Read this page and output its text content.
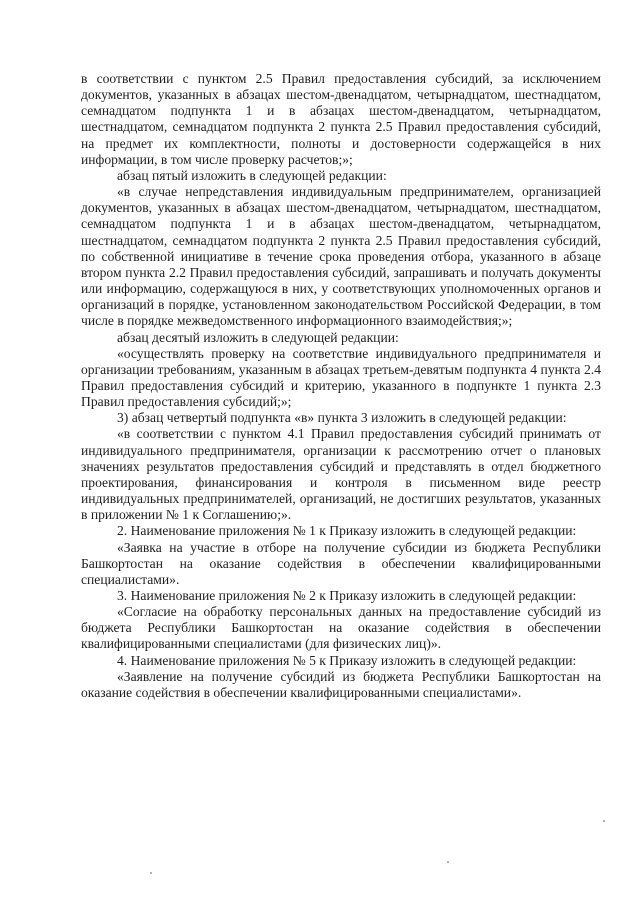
в соответствии с пунктом 2.5 Правил предоставления субсидий, за исключением документов, указанных в абзацах шестом-двенадцатом, четырнадцатом, шестнадцатом, семнадцатом подпункта 1 и в абзацах шестом-двенадцатом, четырнадцатом, шестнадцатом, семнадцатом подпункта 2 пункта 2.5 Правил предоставления субсидий, на предмет их комплектности, полноты и достоверности содержащейся в них информации, в том числе проверку расчетов;»;

абзац пятый изложить в следующей редакции:

«в случае непредставления индивидуальным предпринимателем, организацией документов, указанных в абзацах шестом-двенадцатом, четырнадцатом, шестнадцатом, семнадцатом подпункта 1 и в абзацах шестом-двенадцатом, четырнадцатом, шестнадцатом, семнадцатом подпункта 2 пункта 2.5 Правил предоставления субсидий, по собственной инициативе в течение срока проведения отбора, указанного в абзаце втором пункта 2.2 Правил предоставления субсидий, запрашивать и получать документы или информацию, содержащуюся в них, у соответствующих уполномоченных органов и организаций в порядке, установленном законодательством Российской Федерации, в том числе в порядке межведомственного информационного взаимодействия;»;

абзац десятый изложить в следующей редакции:

«осуществлять проверку на соответствие индивидуального предпринимателя и организации требованиям, указанным в абзацах третьем-девятым подпункта 4 пункта 2.4 Правил предоставления субсидий и критерию, указанного в подпункте 1 пункта 2.3 Правил предоставления субсидий;»;

3) абзац четвертый подпункта «в» пункта 3 изложить в следующей редакции:

«в соответствии с пунктом 4.1 Правил предоставления субсидий принимать от индивидуального предпринимателя, организации к рассмотрению отчет о плановых значениях результатов предоставления субсидий и представлять в отдел бюджетного проектирования, финансирования и контроля в письменном виде реестр индивидуальных предпринимателей, организаций, не достигших результатов, указанных в приложении № 1 к Соглашению;».

2. Наименование приложения № 1 к Приказу изложить в следующей редакции:

«Заявка на участие в отборе на получение субсидии из бюджета Республики Башкортостан на оказание содействия в обеспечении квалифицированными специалистами».

3. Наименование приложения № 2 к Приказу изложить в следующей редакции:

«Согласие на обработку персональных данных на предоставление субсидий из бюджета Республики Башкортостан на оказание содействия в обеспечении квалифицированными специалистами (для физических лиц)».

4. Наименование приложения № 5 к Приказу изложить в следующей редакции:

«Заявление на получение субсидий из бюджета Республики Башкортостан на оказание содействия в обеспечении квалифицированными специалистами».
